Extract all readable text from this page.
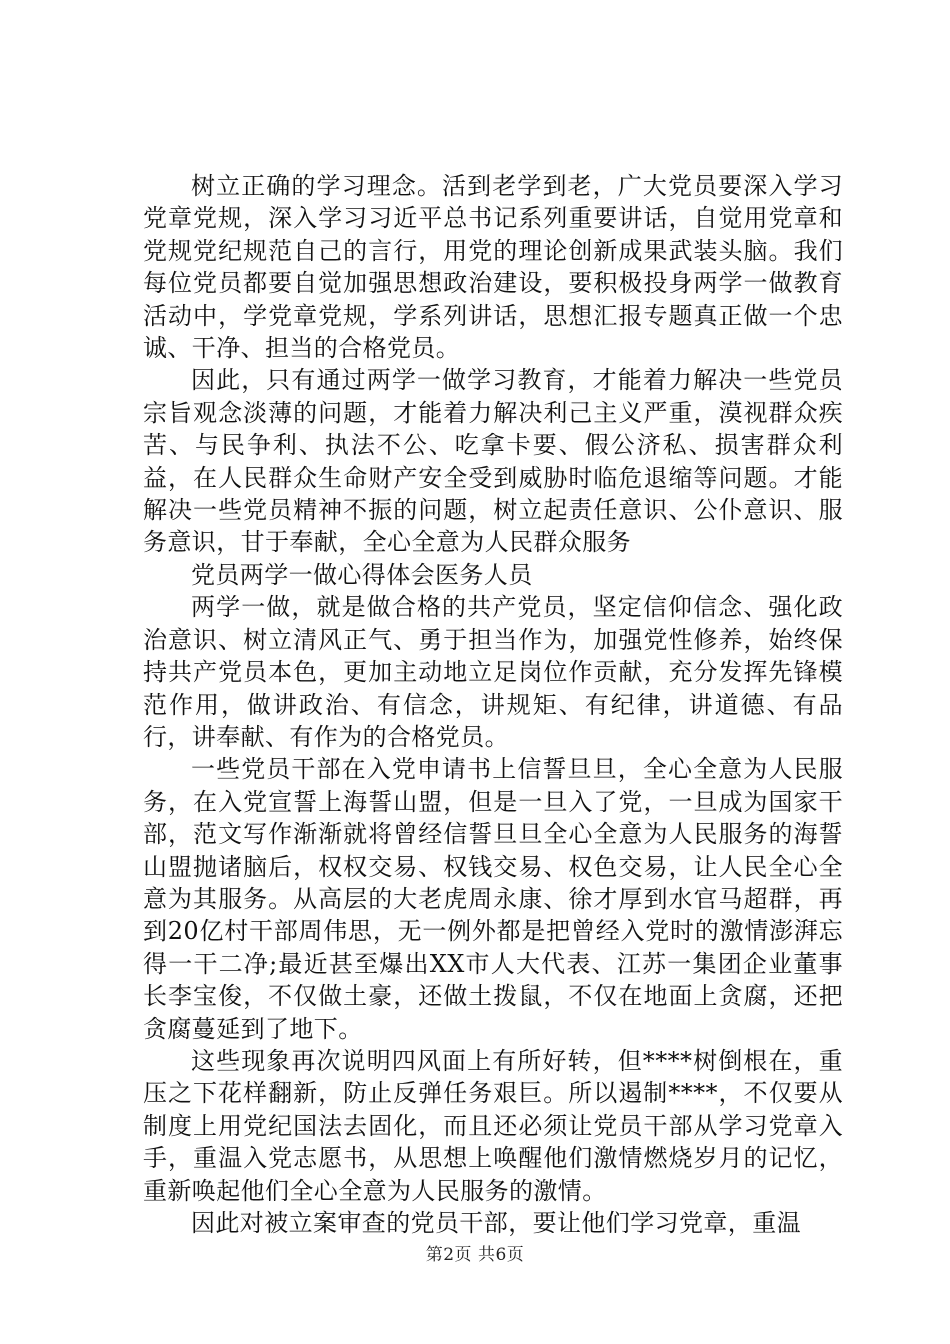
树立正确的学习理念。活到老学到老，广大党员要深入学习党章党规，深入学习习近平总书记系列重要讲话，自觉用党章和党规党纪规范自己的言行，用党的理论创新成果武装头脑。我们每位党员都要自觉加强思想政治建设，要积极投身两学一做教育活动中，学党章党规，学系列讲话，思想汇报专题真正做一个忠诚、干净、担当的合格党员。

因此，只有通过两学一做学习教育，才能着力解决一些党员宗旨观念淡薄的问题，才能着力解决利己主义严重，漠视群众疾苦、与民争利、执法不公、吃拿卡要、假公济私、损害群众利益，在人民群众生命财产安全受到威胁时临危退缩等问题。才能解决一些党员精神不振的问题，树立起责任意识、公仆意识、服务意识，甘于奉献，全心全意为人民群众服务

党员两学一做心得体会医务人员

两学一做，就是做合格的共产党员，坚定信仰信念、强化政治意识、树立清风正气、勇于担当作为，加强党性修养，始终保持共产党员本色，更加主动地立足岗位作贡献，充分发挥先锋模范作用，做讲政治、有信念，讲规矩、有纪律，讲道德、有品行，讲奉献、有作为的合格党员。

一些党员干部在入党申请书上信誓旦旦，全心全意为人民服务，在入党宣誓上海誓山盟，但是一旦入了党，一旦成为国家干部，范文写作渐渐就将曾经信誓旦旦全心全意为人民服务的海誓山盟抛诸脑后，权权交易、权钱交易、权色交易，让人民全心全意为其服务。从高层的大老虎周永康、徐才厚到水官马超群，再到20亿村干部周伟思，无一例外都是把曾经入党时的激情澎湃忘得一干二净;最近甚至爆出XX市人大代表、江苏一集团企业董事长李宝俊，不仅做土豪，还做土拨鼠，不仅在地面上贪腐，还把贪腐蔓延到了地下。

这些现象再次说明四风面上有所好转，但****树倒根在，重压之下花样翻新，防止反弹任务艰巨。所以遏制****，不仅要从制度上用党纪国法去固化，而且还必须让党员干部从学习党章入手，重温入党志愿书，从思想上唤醒他们激情燃烧岁月的记忆，重新唤起他们全心全意为人民服务的激情。

因此对被立案审查的党员干部，要让他们学习党章，重温

第2页 共6页
